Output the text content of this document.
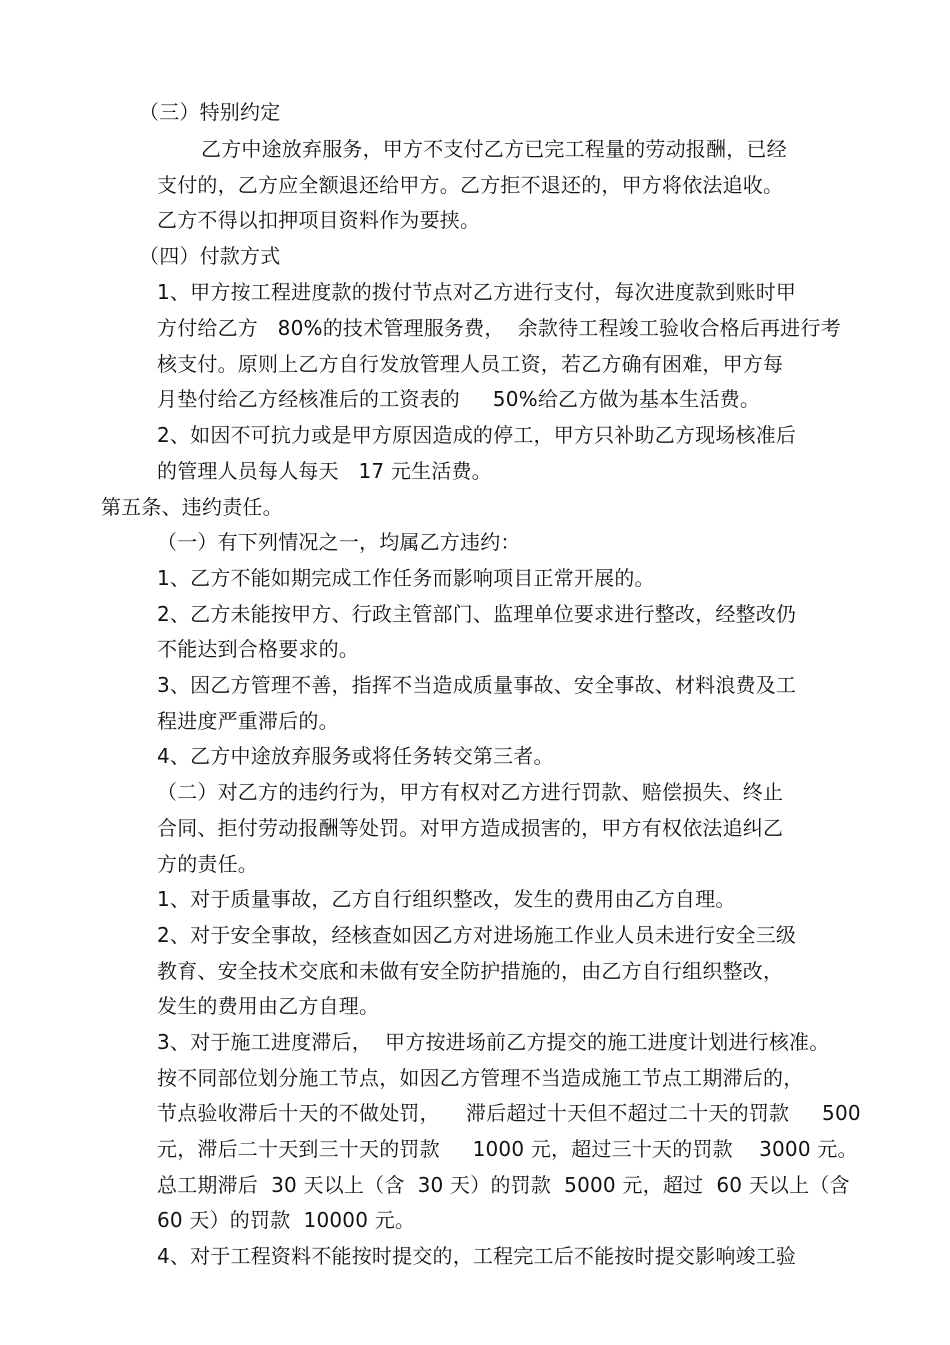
（三）特别约定
乙方中途放弃服务，甲方不支付乙方已完工程量的劳动报酬，已经
支付的，乙方应全额退还给甲方。乙方拒不退还的，甲方将依法追收。
乙方不得以扣押项目资料作为要挟。
（四）付款方式
1、甲方按工程进度款的拨付节点对乙方进行支付，每次进度款到账时甲
方付给乙方   80%的技术管理服务费，  余款待工程竣工验收合格后再进行考
核支付。原则上乙方自行发放管理人员工资，若乙方确有困难，甲方每
月垫付给乙方经核准后的工资表的     50%给乙方做为基本生活费。
2、如因不可抗力或是甲方原因造成的停工，甲方只补助乙方现场核准后
的管理人员每人每天   17 元生活费。
第五条、违约责任。
（一）有下列情况之一，均属乙方违约：
1、乙方不能如期完成工作任务而影响项目正常开展的。
2、乙方未能按甲方、行政主管部门、监理单位要求进行整改，经整改仍
不能达到合格要求的。
3、因乙方管理不善，指挥不当造成质量事故、安全事故、材料浪费及工
程进度严重滞后的。
4、乙方中途放弃服务或将任务转交第三者。
（二）对乙方的违约行为，甲方有权对乙方进行罚款、赔偿损失、终止
合同、拒付劳动报酬等处罚。对甲方造成损害的，甲方有权依法追纠乙
方的责任。
1、对于质量事故，乙方自行组织整改，发生的费用由乙方自理。
2、对于安全事故，经核查如因乙方对进场施工作业人员未进行安全三级
教育、安全技术交底和未做有安全防护措施的，由乙方自行组织整改，
发生的费用由乙方自理。
3、对于施工进度滞后，  甲方按进场前乙方提交的施工进度计划进行核准。
按不同部位划分施工节点，如因乙方管理不当造成施工节点工期滞后的，
节点验收滞后十天的不做处罚，    滞后超过十天但不超过二十天的罚款     500
元，滞后二十天到三十天的罚款     1000 元，超过三十天的罚款    3000 元。
总工期滞后  30 天以上（含  30 天）的罚款  5000 元，超过  60 天以上（含
60 天）的罚款  10000 元。
4、对于工程资料不能按时提交的，工程完工后不能按时提交影响竣工验
